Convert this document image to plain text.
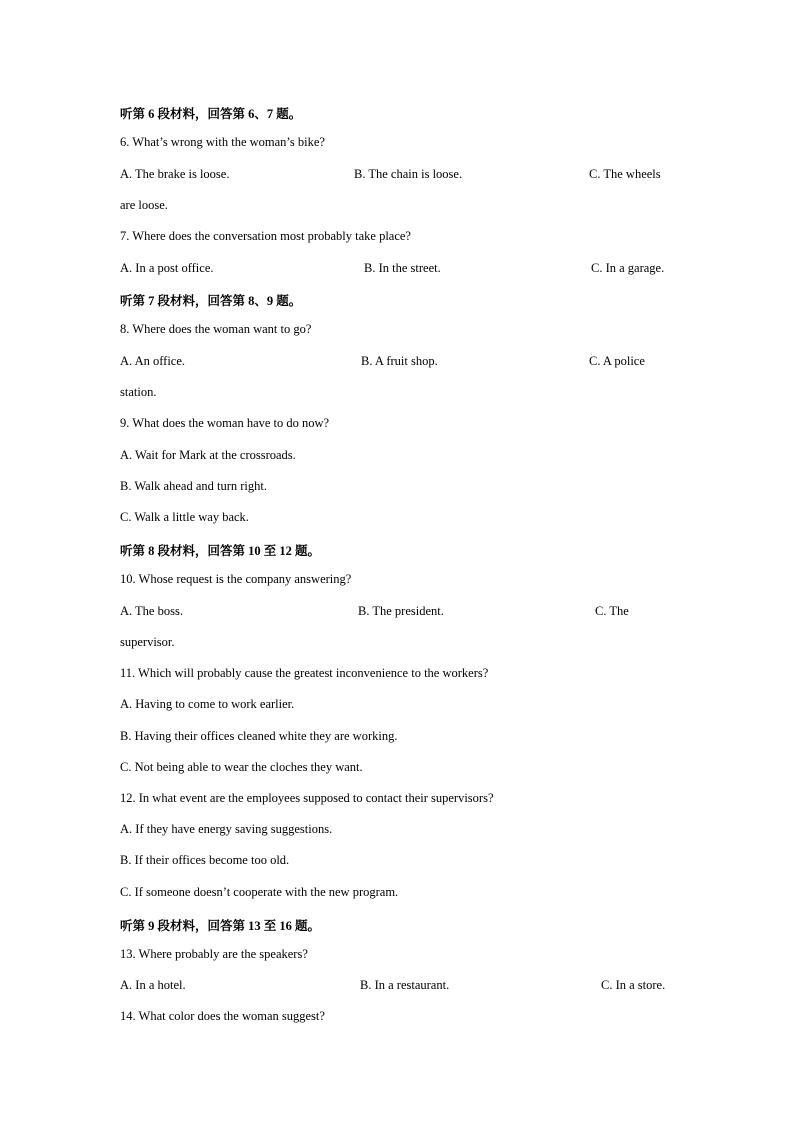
听第 6 段材料，回答第 6、7 题。
6. What’s wrong with the woman’s bike?
A. The brake is loose.	B. The chain is loose.	C. The wheels
are loose.
7. Where does the conversation most probably take place?
A. In a post office.	B. In the street.	C. In a garage.
听第 7 段材料，回答第 8、9 题。
8. Where does the woman want to go?
A. An office.	B. A fruit shop.	C. A police
station.
9. What does the woman have to do now?
A. Wait for Mark at the crossroads.
B. Walk ahead and turn right.
C. Walk a little way back.
听第 8 段材料，回答第 10 至 12 题。
10. Whose request is the company answering?
A. The boss.	B. The president.	C. The
supervisor.
11. Which will probably cause the greatest inconvenience to the workers?
A. Having to come to work earlier.
B. Having their offices cleaned white they are working.
C. Not being able to wear the cloches they want.
12. In what event are the employees supposed to contact their supervisors?
A. If they have energy saving suggestions.
B. If their offices become too old.
C. If someone doesn’t cooperate with the new program.
听第 9 段材料，回答第 13 至 16 题。
13. Where probably are the speakers?
A. In a hotel.	B. In a restaurant.	C. In a store.
14. What color does the woman suggest?
